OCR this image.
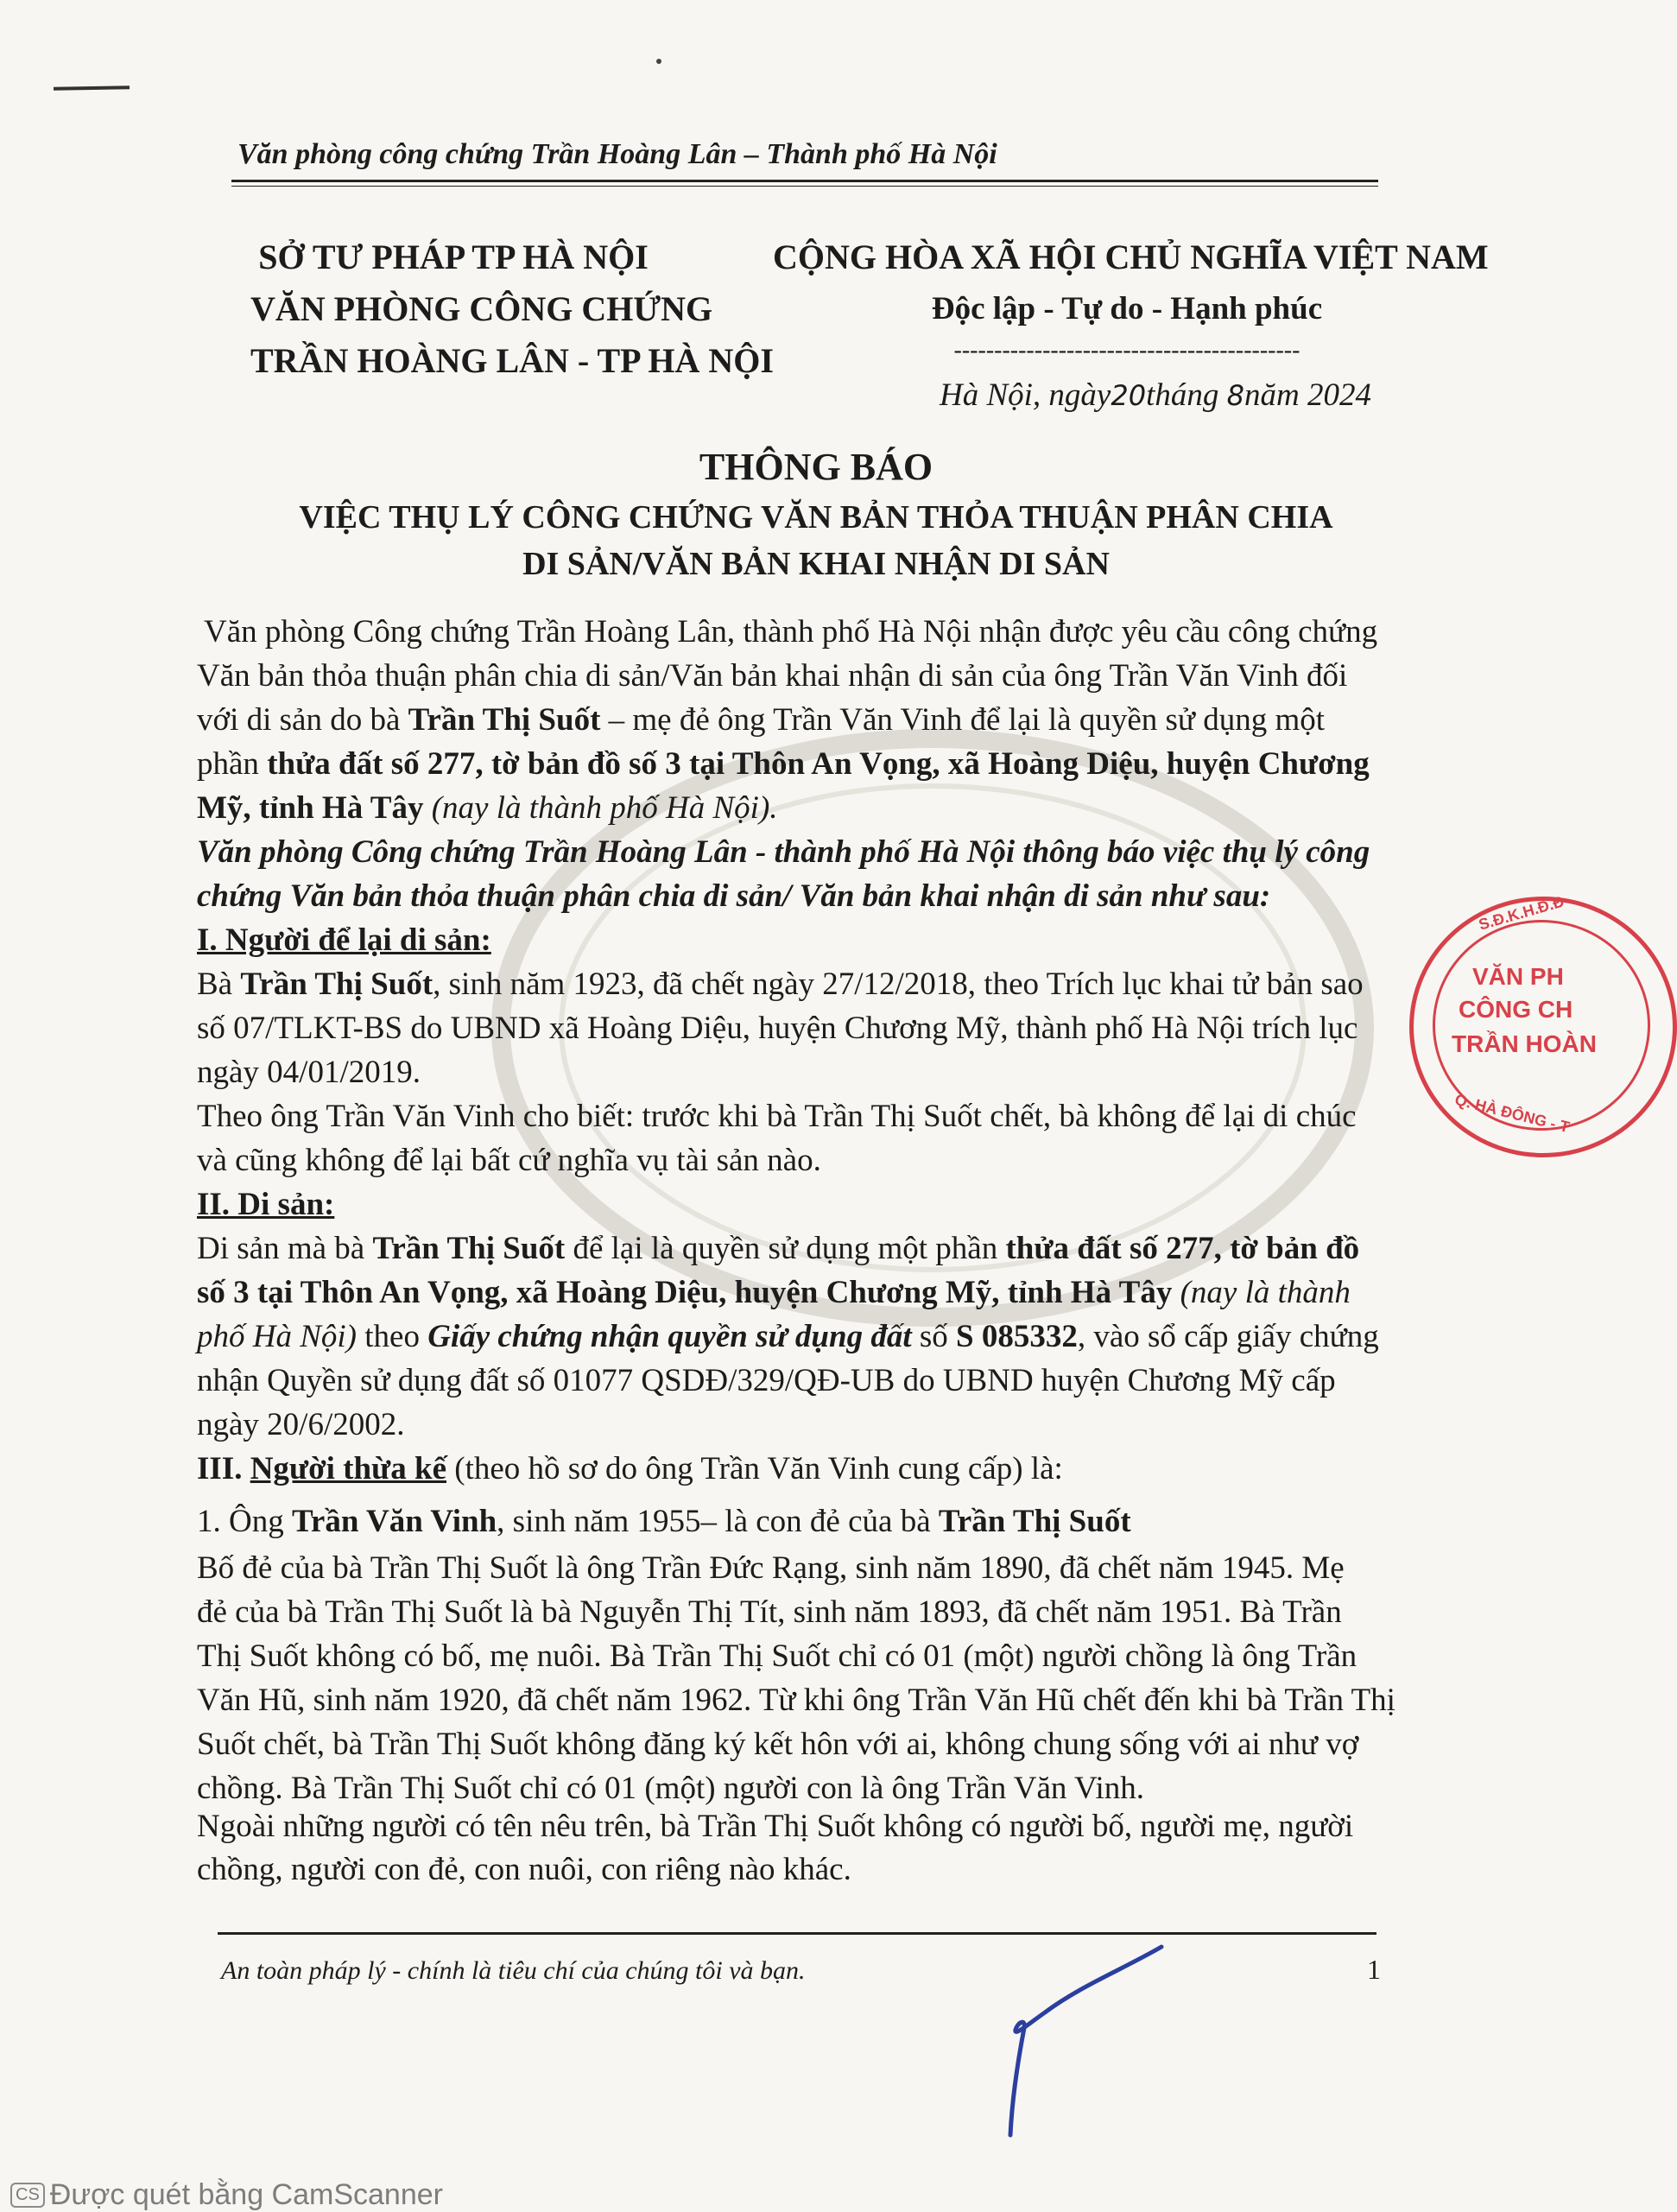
Văn phòng công chứng Trần Hoàng Lân – Thành phố Hà Nội
SỞ TƯ PHÁP TP HÀ NỘI
VĂN PHÒNG CÔNG CHỨNG
TRẦN HOÀNG LÂN - TP HÀ NỘI
CỘNG HÒA XÃ HỘI CHỦ NGHĨA VIỆT NAM
Độc lập - Tự do - Hạnh phúc
-------------------------------------------
Hà Nội, ngày20tháng 8năm 2024
THÔNG BÁO
VIỆC THỤ LÝ CÔNG CHỨNG VĂN BẢN THỎA THUẬN PHÂN CHIA
DI SẢN/VĂN BẢN KHAI NHẬN DI SẢN
Văn phòng Công chứng Trần Hoàng Lân, thành phố Hà Nội nhận được yêu cầu công chứng
Văn bản thỏa thuận phân chia di sản/Văn bản khai nhận di sản của ông Trần Văn Vinh đối
với di sản do bà Trần Thị Suốt – mẹ đẻ ông Trần Văn Vinh để lại là quyền sử dụng một
phần thửa đất số 277, tờ bản đồ số 3 tại Thôn An Vọng, xã Hoàng Diệu, huyện Chương
Mỹ, tỉnh Hà Tây (nay là thành phố Hà Nội).
Văn phòng Công chứng Trần Hoàng Lân - thành phố Hà Nội thông báo việc thụ lý công
chứng Văn bản thỏa thuận phân chia di sản/ Văn bản khai nhận di sản như sau:
I. Người để lại di sản:
Bà Trần Thị Suốt, sinh năm 1923, đã chết ngày 27/12/2018, theo Trích lục khai tử bản sao
số 07/TLKT-BS do UBND xã Hoàng Diệu, huyện Chương Mỹ, thành phố Hà Nội trích lục
ngày 04/01/2019.
Theo ông Trần Văn Vinh cho biết: trước khi bà Trần Thị Suốt chết, bà không để lại di chúc
và cũng không để lại bất cứ nghĩa vụ tài sản nào.
II. Di sản:
Di sản mà bà Trần Thị Suốt để lại là quyền sử dụng một phần thửa đất số 277, tờ bản đồ
số 3 tại Thôn An Vọng, xã Hoàng Diệu, huyện Chương Mỹ, tỉnh Hà Tây (nay là thành
phố Hà Nội) theo Giấy chứng nhận quyền sử dụng đất số S 085332, vào sổ cấp giấy chứng
nhận Quyền sử dụng đất số 01077 QSDĐ/329/QĐ-UB do UBND huyện Chương Mỹ cấp
ngày 20/6/2002.
III. Người thừa kế (theo hồ sơ do ông Trần Văn Vinh cung cấp) là:
1. Ông Trần Văn Vinh, sinh năm 1955– là con đẻ của bà Trần Thị Suốt
Bố đẻ của bà Trần Thị Suốt là ông Trần Đức Rạng, sinh năm 1890, đã chết năm 1945. Mẹ
đẻ của bà Trần Thị Suốt là bà Nguyễn Thị Tít, sinh năm 1893, đã chết năm 1951. Bà Trần
Thị Suốt không có bố, mẹ nuôi. Bà Trần Thị Suốt chỉ có 01 (một) người chồng là ông Trần
Văn Hũ, sinh năm 1920, đã chết năm 1962. Từ khi ông Trần Văn Hũ chết đến khi bà Trần Thị
Suốt chết, bà Trần Thị Suốt không đăng ký kết hôn với ai, không chung sống với ai như vợ
chồng. Bà Trần Thị Suốt chỉ có 01 (một) người con là ông Trần Văn Vinh.
Ngoài những người có tên nêu trên, bà Trần Thị Suốt không có người bố, người mẹ, người
chồng, người con đẻ, con nuôi, con riêng nào khác.
An toàn pháp lý - chính là tiêu chí của chúng tôi và bạn.	1
S.Đ.K.H.Đ.Đ
VĂN PH
CÔNG CH
TRẦN HOÀN
Q. HÀ ĐÔNG - T
CS Được quét bằng CamScanner
